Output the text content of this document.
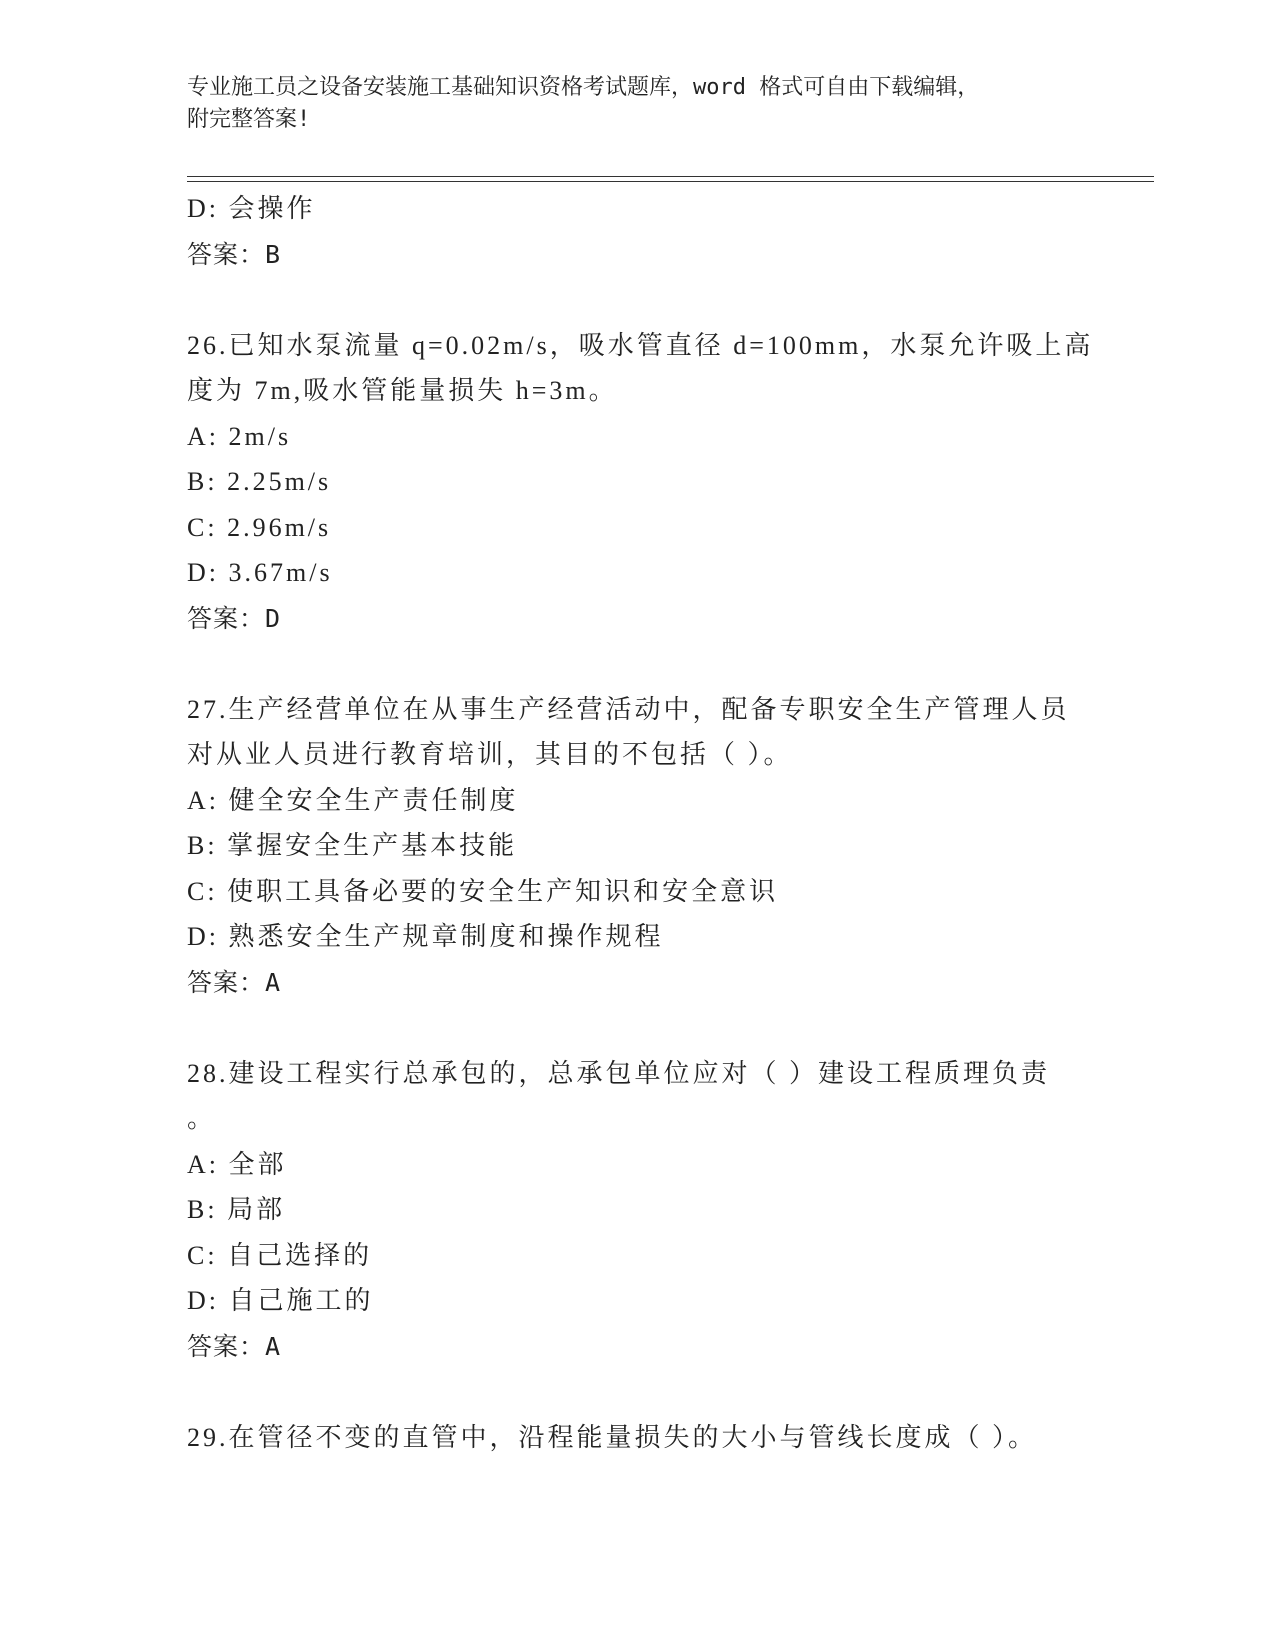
专业施工员之设备安装施工基础知识资格考试题库，word 格式可自由下载编辑，
附完整答案!
D: 会操作
答案：B
26.已知水泵流量 q=0.02m/s，吸水管直径 d=100mm，水泵允许吸上高
度为 7m,吸水管能量损失 h=3m。
A: 2m/s
B: 2.25m/s
C: 2.96m/s
D: 3.67m/s
答案：D
27.生产经营单位在从事生产经营活动中，配备专职安全生产管理人员
对从业人员进行教育培训，其目的不包括（ ）。
A: 健全安全生产责任制度
B: 掌握安全生产基本技能
C: 使职工具备必要的安全生产知识和安全意识
D: 熟悉安全生产规章制度和操作规程
答案：A
28.建设工程实行总承包的，总承包单位应对（ ）建设工程质理负责
。
A: 全部
B: 局部
C: 自己选择的
D: 自己施工的
答案：A
29.在管径不变的直管中，沿程能量损失的大小与管线长度成（ ）。
